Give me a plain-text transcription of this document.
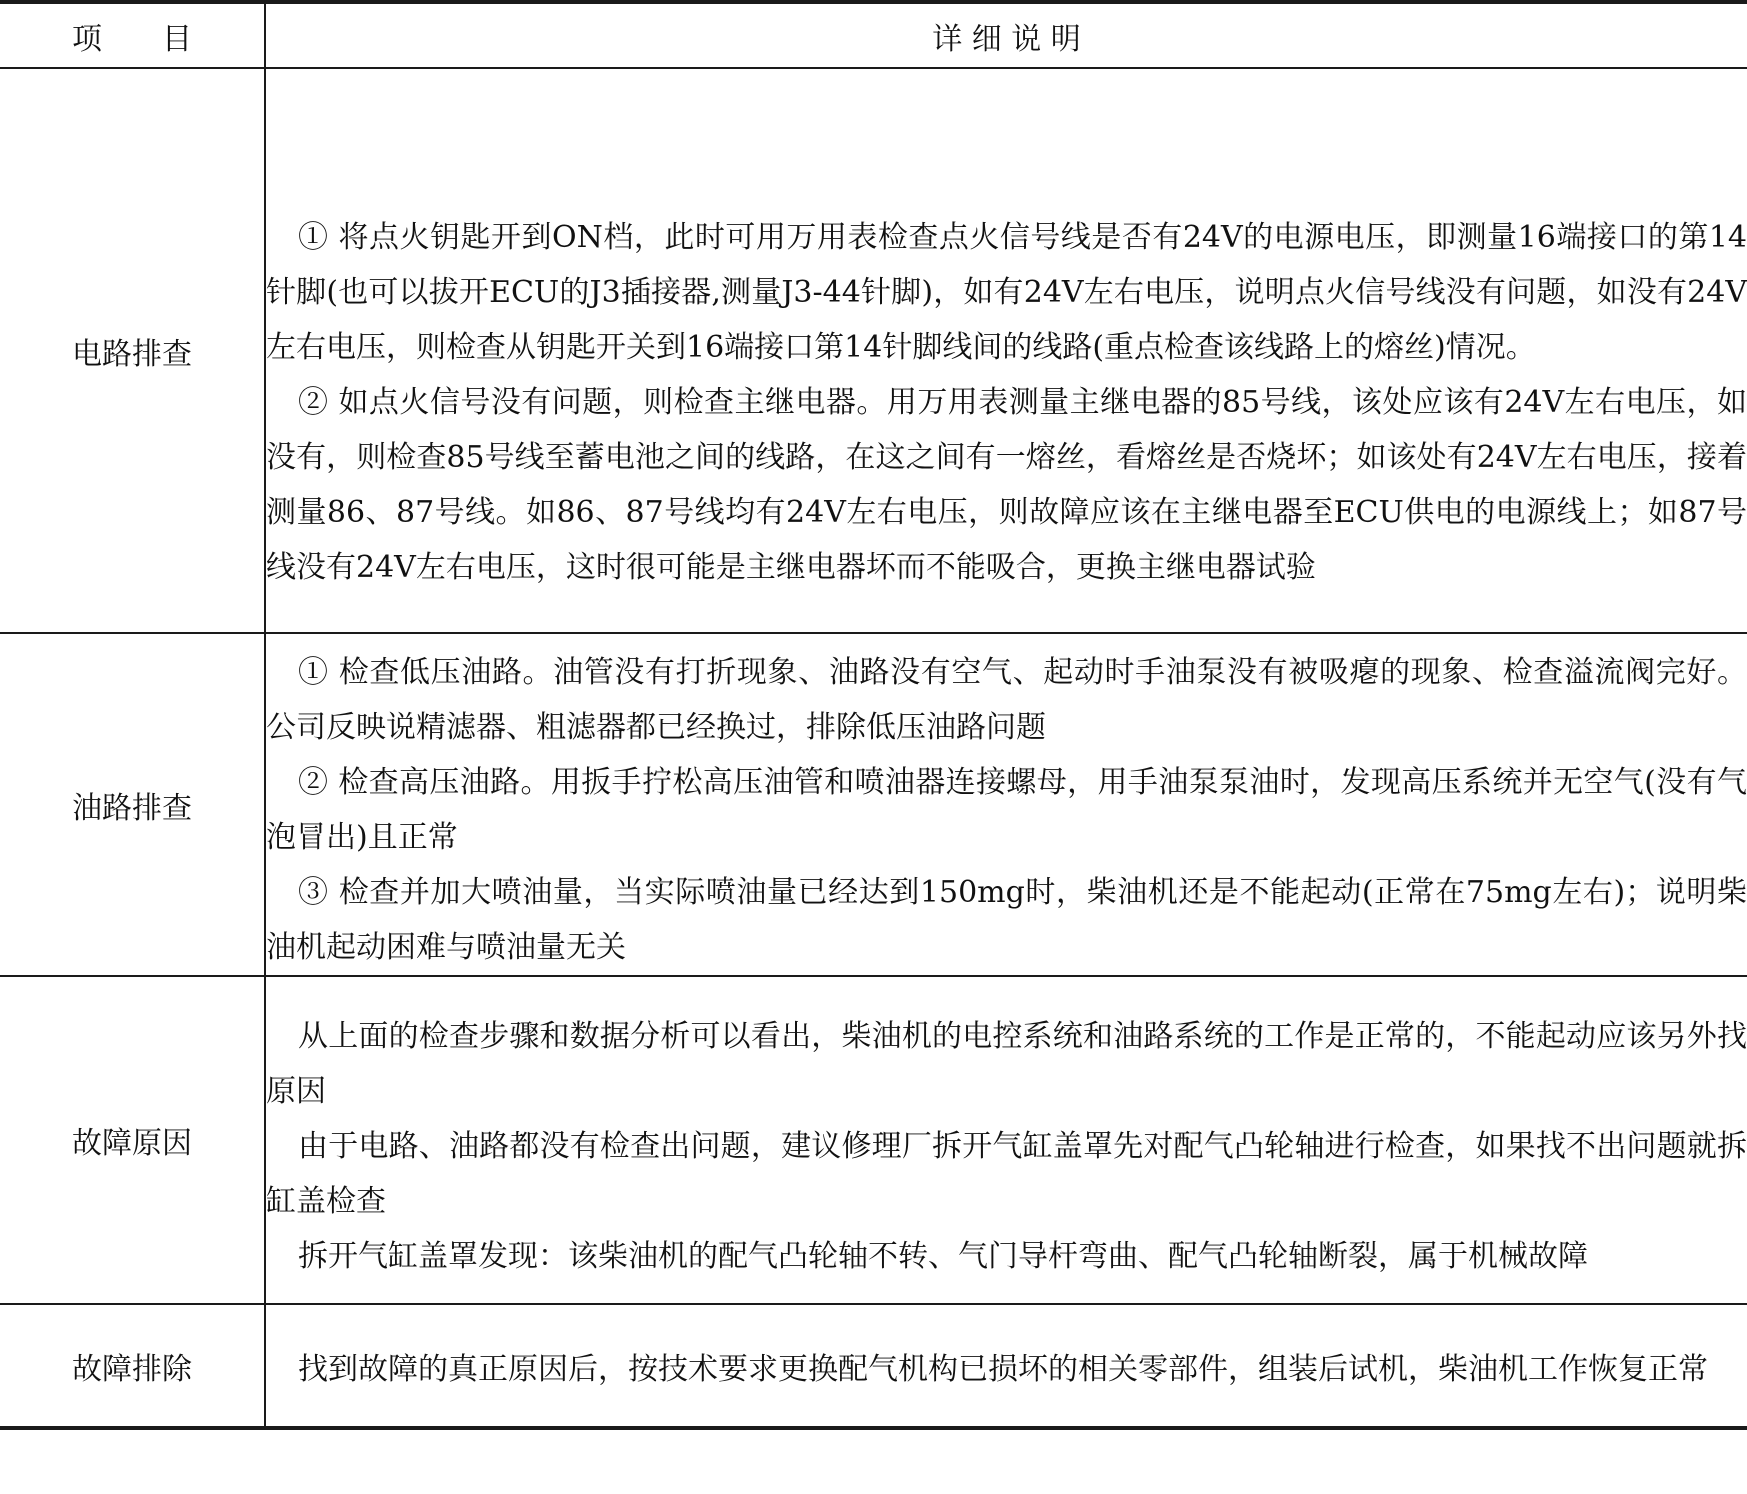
项　　目	详 细 说 明
电路排查	① 将点火钥匙开到ON档，此时可用万用表检查点火信号线是否有24V的电源电压，即测量16端接口的第14针脚(也可以拔开ECU的J3插接器,测量J3-44针脚)，如有24V左右电压，说明点火信号线没有问题，如没有24V左右电压，则检查从钥匙开关到16端接口第14针脚线间的线路(重点检查该线路上的熔丝)情况。

② 如点火信号没有问题，则检查主继电器。用万用表测量主继电器的85号线，该处应该有24V左右电压，如没有，则检查85号线至蓄电池之间的线路，在这之间有一熔丝，看熔丝是否烧坏；如该处有24V左右电压，接着测量86、87号线。如86、87号线均有24V左右电压，则故障应该在主继电器至ECU供电的电源线上；如87号线没有24V左右电压，这时很可能是主继电器坏而不能吸合，更换主继电器试验

油路排查	① 检查低压油路。油管没有打折现象、油路没有空气、起动时手油泵没有被吸瘪的现象、检查溢流阀完好。公司反映说精滤器、粗滤器都已经换过，排除低压油路问题

② 检查高压油路。用扳手拧松高压油管和喷油器连接螺母，用手油泵泵油时，发现高压系统并无空气(没有气泡冒出)且正常

③ 检查并加大喷油量，当实际喷油量已经达到150mg时，柴油机还是不能起动(正常在75mg左右)；说明柴油机起动困难与喷油量无关

故障原因	从上面的检查步骤和数据分析可以看出，柴油机的电控系统和油路系统的工作是正常的，不能起动应该另外找原因

由于电路、油路都没有检查出问题，建议修理厂拆开气缸盖罩先对配气凸轮轴进行检查，如果找不出问题就拆缸盖检查

拆开气缸盖罩发现：该柴油机的配气凸轮轴不转、气门导杆弯曲、配气凸轮轴断裂，属于机械故障

故障排除	找到故障的真正原因后，按技术要求更换配气机构已损坏的相关零部件，组装后试机，柴油机工作恢复正常
